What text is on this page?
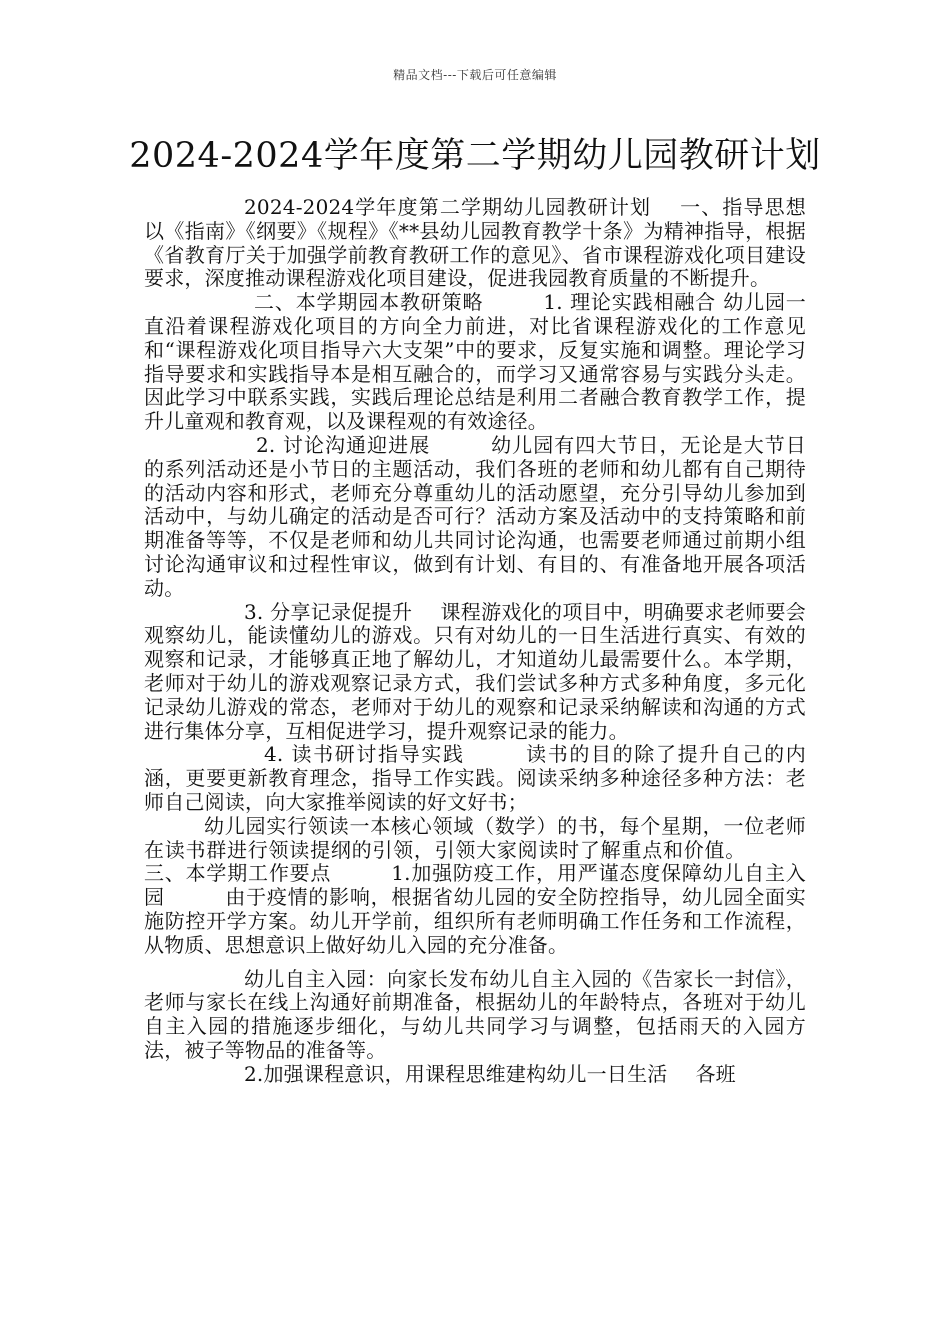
精品文档---下载后可任意编辑
2024-2024学年度第二学期幼儿园教研计划

2024-2024学年度第二学期幼儿园教研计划 一、指导思想 以《指南》《纲要》《规程》《**县幼儿园教育教学十条》为精神指导，根据《省教育厅关于加强学前教育教研工作的意见》、省市课程游戏化项目建设要求，深度推动课程游戏化项目建设，促进我园教育质量的不断提升。

二、本学期园本教研策略	1. 理论实践相融合 幼儿园一直沿着课程游戏化项目的方向全力前进，对比省课程游戏化的工作意见和“课程游戏化项目指导六大支架”中的要求，反复实施和调整。理论学习指导要求和实践指导本是相互融合的，而学习又通常容易与实践分头走。因此学习中联系实践，实践后理论总结是利用二者融合教育教学工作，提升儿童观和教育观，以及课程观的有效途径。

2. 讨论沟通迎进展	幼儿园有四大节日，无论是大节日的系列活动还是小节日的主题活动，我们各班的老师和幼儿都有自己期待的活动内容和形式，老师充分尊重幼儿的活动愿望，充分引导幼儿参加到活动中，与幼儿确定的活动是否可行？活动方案及活动中的支持策略和前期准备等等，不仅是老师和幼儿共同讨论沟通，也需要老师通过前期小组讨论沟通审议和过程性审议，做到有计划、有目的、有准备地开展各项活动。

3. 分享记录促提升 课程游戏化的项目中，明确要求老师要会观察幼儿，能读懂幼儿的游戏。只有对幼儿的一日生活进行真实、有效的观察和记录，才能够真正地了解幼儿，才知道幼儿最需要什么。本学期，老师对于幼儿的游戏观察记录方式，我们尝试多种方式多种角度，多元化记录幼儿游戏的常态，老师对于幼儿的观察和记录采纳解读和沟通的方式进行集体分享，互相促进学习，提升观察记录的能力。

4. 读书研讨指导实践	读书的目的除了提升自己的内涵，更要更新教育理念，指导工作实践。阅读采纳多种途径多种方法：老师自己阅读，向大家推举阅读的好文好书；

幼儿园实行领读一本核心领域（数学）的书，每个星期，一位老师在读书群进行领读提纲的引领，引领大家阅读时了解重点和价值。三、本学期工作要点	1.加强防疫工作，用严谨态度保障幼儿自主入园	由于疫情的影响，根据省幼儿园的安全防控指导，幼儿园全面实施防控开学方案。幼儿开学前，组织所有老师明确工作任务和工作流程，从物质、思想意识上做好幼儿入园的充分准备。

幼儿自主入园：向家长发布幼儿自主入园的《告家长一封信》，老师与家长在线上沟通好前期准备，根据幼儿的年龄特点，各班对于幼儿自主入园的措施逐步细化，与幼儿共同学习与调整，包括雨天的入园方法，被子等物品的准备等。

2.加强课程意识，用课程思维建构幼儿一日生活 各班
